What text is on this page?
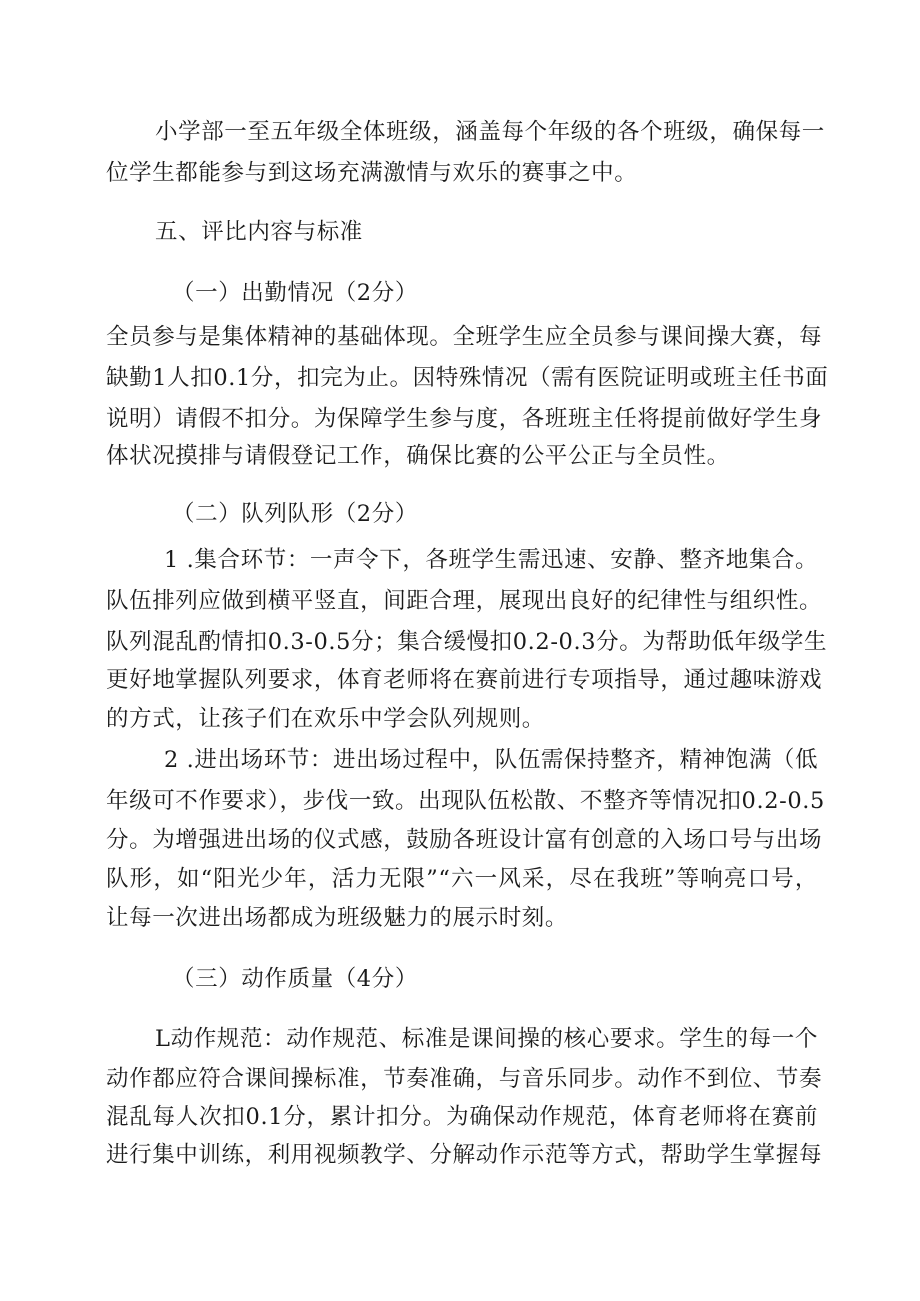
小学部一至五年级全体班级，涵盖每个年级的各个班级，确保每一
位学生都能参与到这场充满激情与欢乐的赛事之中。
五、评比内容与标准
（一）出勤情况（2分）
全员参与是集体精神的基础体现。全班学生应全员参与课间操大赛，每
缺勤1人扣0.1分，扣完为止。因特殊情况（需有医院证明或班主任书面
说明）请假不扣分。为保障学生参与度，各班班主任将提前做好学生身
体状况摸排与请假登记工作，确保比赛的公平公正与全员性。
（二）队列队形（2分）
1 .集合环节：一声令下，各班学生需迅速、安静、整齐地集合。
队伍排列应做到横平竖直，间距合理，展现出良好的纪律性与组织性。
队列混乱酌情扣0.3-0.5分；集合缓慢扣0.2-0.3分。为帮助低年级学生
更好地掌握队列要求，体育老师将在赛前进行专项指导，通过趣味游戏
的方式，让孩子们在欢乐中学会队列规则。
2 .进出场环节：进出场过程中，队伍需保持整齐，精神饱满（低
年级可不作要求），步伐一致。出现队伍松散、不整齐等情况扣0.2-0.5
分。为增强进出场的仪式感，鼓励各班设计富有创意的入场口号与出场
队形，如“阳光少年，活力无限”“六一风采，尽在我班”等响亮口号，
让每一次进出场都成为班级魅力的展示时刻。
（三）动作质量（4分）
L动作规范：动作规范、标准是课间操的核心要求。学生的每一个
动作都应符合课间操标准，节奏准确，与音乐同步。动作不到位、节奏
混乱每人次扣0.1分，累计扣分。为确保动作规范，体育老师将在赛前
进行集中训练，利用视频教学、分解动作示范等方式，帮助学生掌握每
